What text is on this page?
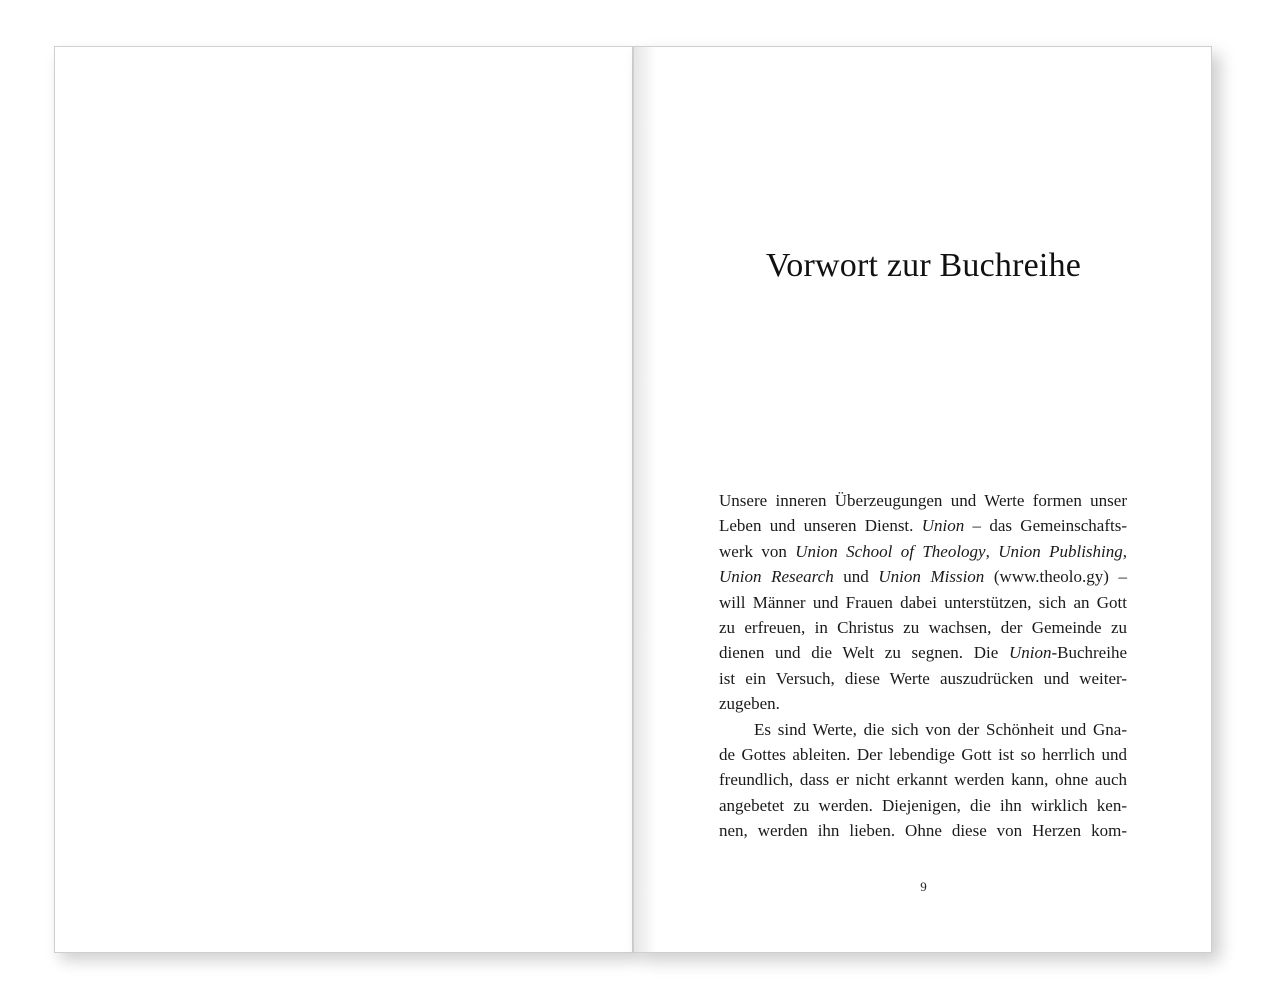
Vorwort zur Buchreihe
Unsere inneren Überzeugungen und Werte formen unser
Leben und unseren Dienst. Union – das Gemeinschafts-
werk von Union School of Theology, Union Publishing,
Union Research und Union Mission (www.theolo.gy) –
will Männer und Frauen dabei unterstützen, sich an Gott
zu erfreuen, in Christus zu wachsen, der Gemeinde zu
dienen und die Welt zu segnen. Die Union-Buchreihe
ist ein Versuch, diese Werte auszudrücken und weiter-
zugeben.
Es sind Werte, die sich von der Schönheit und Gna-
de Gottes ableiten. Der lebendige Gott ist so herrlich und
freundlich, dass er nicht erkannt werden kann, ohne auch
angebetet zu werden. Diejenigen, die ihn wirklich ken-
nen, werden ihn lieben. Ohne diese von Herzen kom-
9
